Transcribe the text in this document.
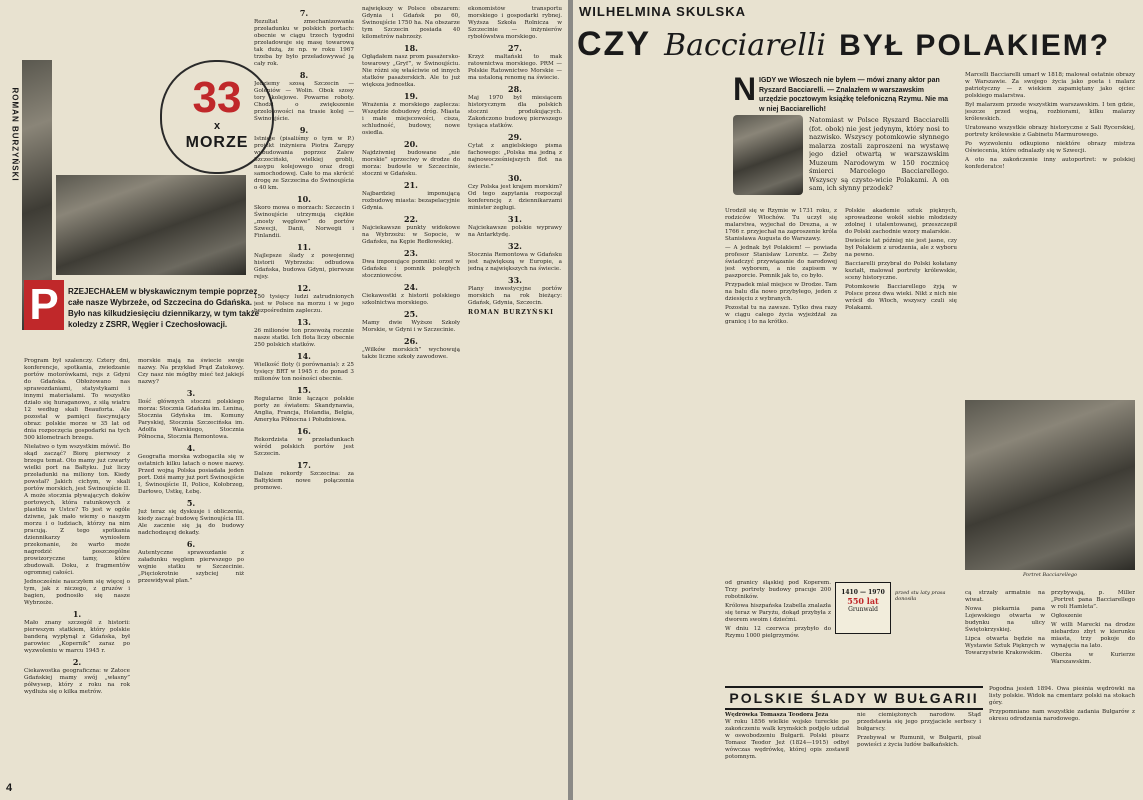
ROMAN BURZYŃSKI	33
x
MORZE
P	RZEJECHAŁEM w błyskawicznym tempie poprzez całe nasze Wybrzeże, od Szczecina do Gdańska. Było nas kilkudziesięciu dziennikarzy, w tym także koledzy z ZSRR, Węgier i Czechosłowacji.

Program był szalenczy. Cztery dni, konferencje, spotkania, zwiedzanie portów motorówkami, rejs z Gdyni do Gdańska. Obłożowano nas sprawozdaniami, statystykami i innymi materiałami. To wszystko działo się huraganowo, z siłą wiatru 12 według skali Beauforta. Ale pozostał w pamięci fascynujący obraz: polskie morze w 35 lat od dnia rozpoczęcia gospodarki na tych 500 kilometrach brzegu.

Niełatwo o tym wszystkim mówić. Bo skąd zacząć? Biorę pierwszy z brzegu temat. Oto mamy już czwarty wielki port na Bałtyku. Już liczy przeładunki na miliony ton. Kiedy powstał? Jakich cichym, w skali portów morskich, jest Świnoujście II. A może stocznia pływających doków portowych, która ratunkowych z plastiku w Ustce? To jest w ogóle dziwne, jak mało wiemy o naszym morzu i o ludziach, którzy na nim pracują. Z tego spotkania dziennikarzy wyniosłem przekonanie, że warto może nagrodzić poszczególne prowizoryczne tamy, które zbudowali. Doku, z fragmentów ogromnej całości.

Jednocześnie nauczyłem się więcej o tym, jak z niczego, z gruzów i bagien, podnosiło się nasze Wybrzeże.

1.

Mało znany szczegół z historii: pierwszym statkiem, który polskie banderą wypłynął z Gdańska, był parowiec „Kopernik” zaraz po wyzwoleniu w marcu 1945 r.

2.

Ciekawostka geograficzna: w Zatoce Gdańskiej mamy swój „własny” półwysep, który z roku na rok wydłuża się o kilka metrów.

morskie mają na świecie swoje nazwy. Na przykład Prąd Zatokowy. Czy nasz nie mógłby mieć też jakiejś nazwy?

3.

Ilość głównych stoczni polskiego morza: Stocznia Gdańska im. Lenina, Stocznia Gdyńska im. Komuny Paryskiej, Stocznia Szczecińska im. Adolfa Warskiego, Stocznia Północna, Stocznia Remontowa.

4.

Geografia morska wzbogaciła się w ostatnich kilku latach o nowe nazwy. Przed wojną Polska posiadała jeden port. Dziś mamy już port Świnoujście I, Świnoujście II, Police, Kołobrzeg, Darłowo, Ustkę, Łebę.

5.

Już teraz się dyskusje i obliczenia, kiedy zacząć budowę Świnoujścia III. Ale zacznie się ją do budowy nadchodzącej dekady.

6.

Autentyczne sprawozdanie z załadunku węglem pierwszego po wojnie statku w Szczecinie. „Pięciokrotnie szybciej niż przewidywał plan.”

7.

Rezultat zmechanizowania przeładunku w polskich portach: obecnie w ciągu trzech tygodni przeładowuje się masę towarową tak dużą, że np. w roku 1967 trzeba by było przeładowywać ją cały rok.

8.

Jedziemy szosą Szczecin — Goleniów — Wolin. Obok szosy tory kolejowe. Powarne roboty. Chodzi o zwiększenie przelotowości na trasie kolej — Świnoujście.

9.

Istnieje (pisaliśmy o tym w P.) projekt inżyniera Piotra Żarępy wybudowania poprzez Zalew Szczeciński, wielkiej grobli, nasypu kolejowego oraz drogi samochodowej. Całe to ma skrócić drogę ze Szczecina do Świnoujścia o 40 km.

10.

Skoro mowa o morzach: Szczecin i Świnoujście utrzymują ciężkie „mosty węglowe” do portów Szwecji, Danii, Norwegii i Finlandii.

11.

Najlepsze ślady z powojennej historii Wybrzeża: odbudowa Gdańska, budowa Gdyni, pierwsze rejsy.

12.

150 tysięcy ludzi zatrudnionych jest w Polsce na morzu i w jego bezpośrednim zapleczu.

13.

26 milionów ton przewożą rocznie nasze statki. Ich flota liczy obecnie 250 polskich statków.

14.

Wielkość floty (i porównania): z 25 tysięcy BRT w 1945 r. do ponad 3 milionów ton nośności obecnie.

15.

Regularne linie łączące polskie porty ze światem: Skandynawia, Anglia, Francja, Holandia, Belgia, Ameryka Północna i Południowa.

16.

Rekordzista w przeładunkach wśród polskich portów jest Szczecin.

17.

Dalsze rekordy Szczecina: za Bałtykiem nowe połączenia promowe.

największy w Polsce obszarem: Gdynia i Gdańsk po 60, Świnoujście 1750 ha. Na obszarze tym Szczecin posiada 40 kilometrów nabrzeży.

18.

Ogłądałem nasz prom pasażersko-towarowy „Gryf”, w Świnoujściu. Nie różni się właściwie od innych statków pasażerskich. Ale to już większa jednostka.

19.

Wrażenia z morskiego zaplecza: Wszędzie dobudowy dróg. Miasta i małe miejscowości, cisza, schludność, budowy, nowe osiedla.

20.

Najdziwniej budowane „nie morskie” sprzeciwy w drodze do morza: budowle w Szczecinie, stoczni w Gdańsku.

21.

Najbardziej imponującą rozbudowę miasta: bezapelacyjnie Gdynia.

22.

Najciekawsze punkty widokowe na Wybrzeżu: w Sopocie, w Gdańsku, na Kępie Redłowskiej.

23.

Dwa imponujące pomniki: orzeł w Gdańsku i pomnik poległych stoczniowców.

24.

Ciekawostki z historii polskiego szkolnictwa morskiego.

25.

Mamy dwie Wyższe Szkoły Morskie, w Gdyni i w Szczecinie.

26.

„Wilków morskich” wychowują także liczne szkoły zawodowe.

ekonomistów transportu morskiego i gospodarki rybnej. Wyższa Szkoła Rolnicza w Szczecinie — inżynierów rybołówstwa morskiego.

27.

Krzyż maltański to mak ratownictwa morskiego. PRM — Polskie Ratownictwo Morskie — ma ustaloną renomę na świecie.

28.

Maj 1970 był miesiącem historycznym dla polskich stoczni produkujących. Zakończono budowę pierwszego tysiąca statków.

29.

Cytat z angielskiego pisma fachowego: „Polska ma jedną z najnowocześniejszych flot na świecie.”

30.

Czy Polska jest krajem morskim? Od tego zapytania rozpoczął konferencję z dziennikarzami minister żeglugi.

31.

Najciekawsze polskie wyprawy na Antarktydę.

32.

Stocznia Remontowa w Gdańsku jest największą w Europie, a jedną z największych na świecie.

33.

Plany inwestycyjne portów morskich na rok bieżący: Gdańsk, Gdynia, Szczecin.

ROMAN BURZYŃSKI
4
WILHELMINA SKULSKA
CZY Bacciarelli BYŁ POLAKIEM?
N IGDY we Włoszech nie byłem — mówi znany aktor pan Ryszard Bacciarelli. — Znalazłem w warszawskim urzędzie pocztowym książkę telefoniczną Rzymu. Nie ma w niej Bacciarellich!
Natomiast w Polsce Ryszard Bacciarelli (fot. obok) nie jest jedynym, który nosi to nazwisko. Wszyscy potomkowie słynnego malarza zostali zaproszeni na wystawę jego dzieł otwartą w warszawskim Muzeum Narodowym w 150 rocznicę śmierci Marcelego Bacciarellego. Wszyscy są czysto-wicie Polakami. A on sam, ich słynny przodek?

Urodził się w Rzymie w 1731 roku, z rodziców Włochów. Tu uczył się malarstwa, wyjechał do Drezna, a w 1766 r. przyjechał na zaproszenie króla Stanisława Augusta do Warszawy.

— A jednak był Polakiem! — powiada profesor Stanisław Lorentz. — Żeby świadczyć przywiązanie do narodowej jest wyborem, a nie zapisem w paszporcie. Pomnik jak to, co było.

Przypadek miał miejsce w Drodze. Tam na balu dla nowo przybyłego, jeden z dziesięciu z wybranych.

Pozostał tu na zawsze. Tylko dwa razy w ciągu całego życia wyjeżdżał za granicę i to na krótko.

Polskie akademie sztuk pięknych, sprowadzone wokół siebie młodzieży zdolnej i utalentowanej, przeszczepił do Polski zachodnie wzory malarskie.

Dwieście lat później nie jest jasne, czy był Polakiem z urodzenia, ale z wyboru na pewno.

Bacciarelli przybrał do Polski kołatany kształt, malował portrety królewskie, sceny historyczne.

Potomkowie Bacciarellego żyją w Polsce przez dwa wieki. Nikt z nich nie wrócił do Włoch, wszyscy czuli się Polakami.

Marcelli Bacciarelli umarł w 1818; malował ostatnie obrazy w Warszawie. Za swojego życia jako poeta i malarz patriotyczny — z wiekiem zapamiętany jako ojciec polskiego malarstwa.

Był malarzem przede wszystkim warszawskim. I ten gdzie, jeszcze przed wojną, rozbiorami, kilku malarzy królewskich.

Uratowano wszystkie obrazy historyczne z Sali Rycerskiej, portrety królewskie z Gabinetu Marmurowego.

Po wyzwoleniu odkupiono niektóre obrazy mistrza Oświecenia, które odnalazły się w Szwecji.

A oto na zakończenie inny autoportret: w polskiej konfederatce!

Portret Bacciarellego

od granicy śląskiej pod Koperem. Trzy portrety budowy pracuje 200 robotników.

Królowa hiszpańska Izabella znalazła się teraz w Paryżu, dokąd przybyła z dworem swoim i dziećmi.

W dniu 12 czerwca przybyło do Rzymu 1000 pielgrzymów.

1410 — 1970
550 lat
Grunwald
przed stu laty prasa donosiła

cą strzały armatnie na wiwat.

Nowa piekarnia pana Lojewskiego otwarta w budynku na ulicy Świętokrzyskiej.

Lipca otwarta będzie na Wystawie Sztuk Pięknych w Towarzystwie Krakowskim.

przybywają, p. Miller „Portret pana Bacciarellego w roli Hamleta”.

Ogłoszenie

W willi Marecki na drodze niebardzo zbyt w kierunku miasta, trzy pokoje do wynajęcia na lato.

Oberża w Kurierze Warszawskim.

POLSKIE ŚLADY W BUŁGARII
Wędrówka Tomasza Teodora Jeża

W roku 1856 wielkie wojsko tureckie po zakończeniu walk krymskich podjęło udział w oswobodzeniu Bułgarii. Polski pisarz Tomasz Teodor Jeż (1824—1915) odbył wówczas wędrówkę, której opis zostawił potomnym.

nie ciemiężonych narodów. Stąd przedstawia się jego przyjaciele serbscy i bułgarscy.

Przebywał w Rumunii, w Bułgarii, pisał powieści z życia ludów bałkańskich.

Pogodna jesień 1894. Owa pieśnia wędrówki na listy polskie. Widok na cmentarz polski na stokach góry.

Przypomniano nam wszystkie zadania Bułgarów z okresu odrodzenia narodowego.
